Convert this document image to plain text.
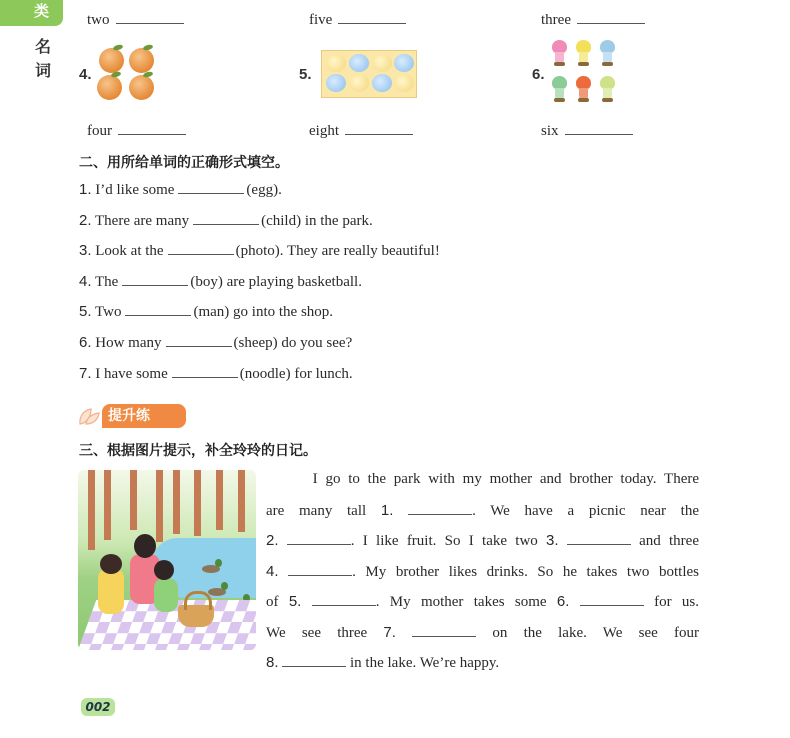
类
名
词
two	five	three
4.	5.	6.
four	eight	six
二、用所给单词的正确形式填空。
1. I’d like some	(egg).
2. There are many	(child) in the park.
3. Look at the	(photo). They are really beautiful!
4. The	(boy) are playing basketball.
5. Two	(man) go into the shop.
6. How many	(sheep) do you see?
7. I have some	(noodle) for lunch.
提升练
三、根据图片提示，补全玲玲的日记。
I go to the park with my mother and brother today. There
are many tall 1.	. We have a picnic near the
2.	. I like fruit. So I take two 3.	and three
4.	. My brother likes drinks. So he takes two bottles
of 5.	. My mother takes some 6.	for us.
We see three 7.	on the lake. We see four
8.	in the lake. We’re happy.
002
